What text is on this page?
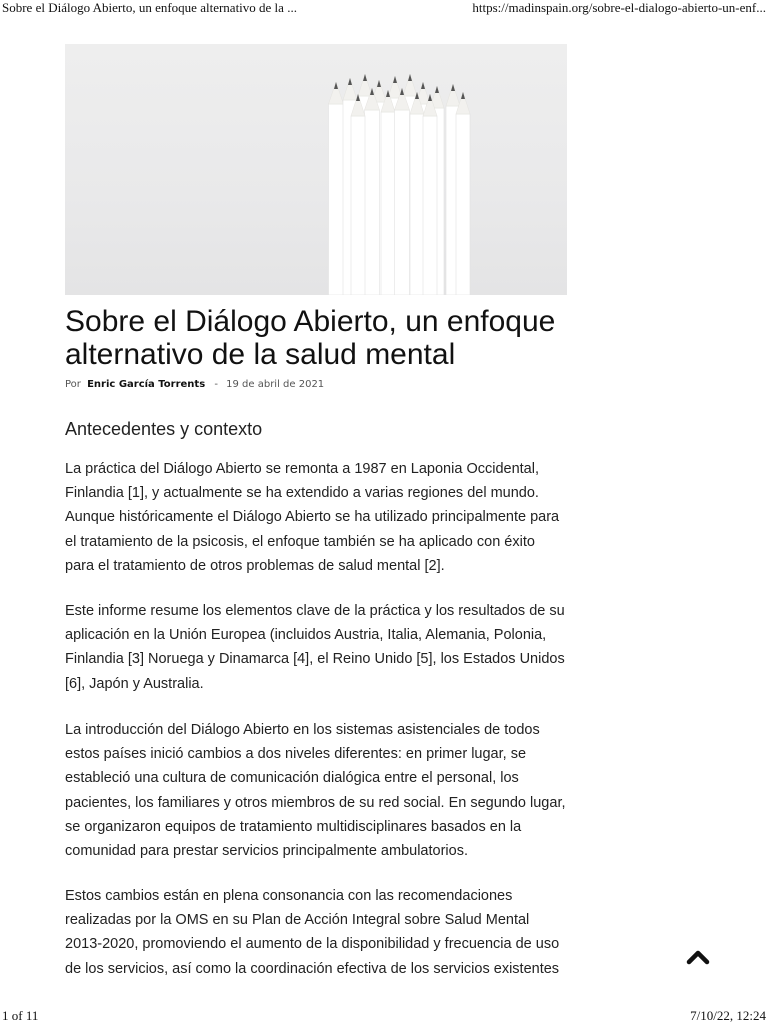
Sobre el Diálogo Abierto, un enfoque alternativo de la ...	https://madinspain.org/sobre-el-dialogo-abierto-un-enf...
Sobre el Diálogo Abierto, un enfoque
alternativo de la salud mental
Por Enric García Torrents - 19 de abril de 2021
Antecedentes y contexto

La práctica del Diálogo Abierto se remonta a 1987 en Laponia Occidental,
Finlandia [1], y actualmente se ha extendido a varias regiones del mundo.
Aunque históricamente el Diálogo Abierto se ha utilizado principalmente para
el tratamiento de la psicosis, el enfoque también se ha aplicado con éxito
para el tratamiento de otros problemas de salud mental [2].

Este informe resume los elementos clave de la práctica y los resultados de su
aplicación en la Unión Europea (incluidos Austria, Italia, Alemania, Polonia,
Finlandia [3] Noruega y Dinamarca [4], el Reino Unido [5], los Estados Unidos
[6], Japón y Australia.

La introducción del Diálogo Abierto en los sistemas asistenciales de todos
estos países inició cambios a dos niveles diferentes: en primer lugar, se
estableció una cultura de comunicación dialógica entre el personal, los
pacientes, los familiares y otros miembros de su red social. En segundo lugar,
se organizaron equipos de tratamiento multidisciplinares basados en la
comunidad para prestar servicios principalmente ambulatorios.

Estos cambios están en plena consonancia con las recomendaciones
realizadas por la OMS en su Plan de Acción Integral sobre Salud Mental
2013-2020, promoviendo el aumento de la disponibilidad y frecuencia de uso
de los servicios, así como la coordinación efectiva de los servicios existentes

1 of 11	7/10/22, 12:24
